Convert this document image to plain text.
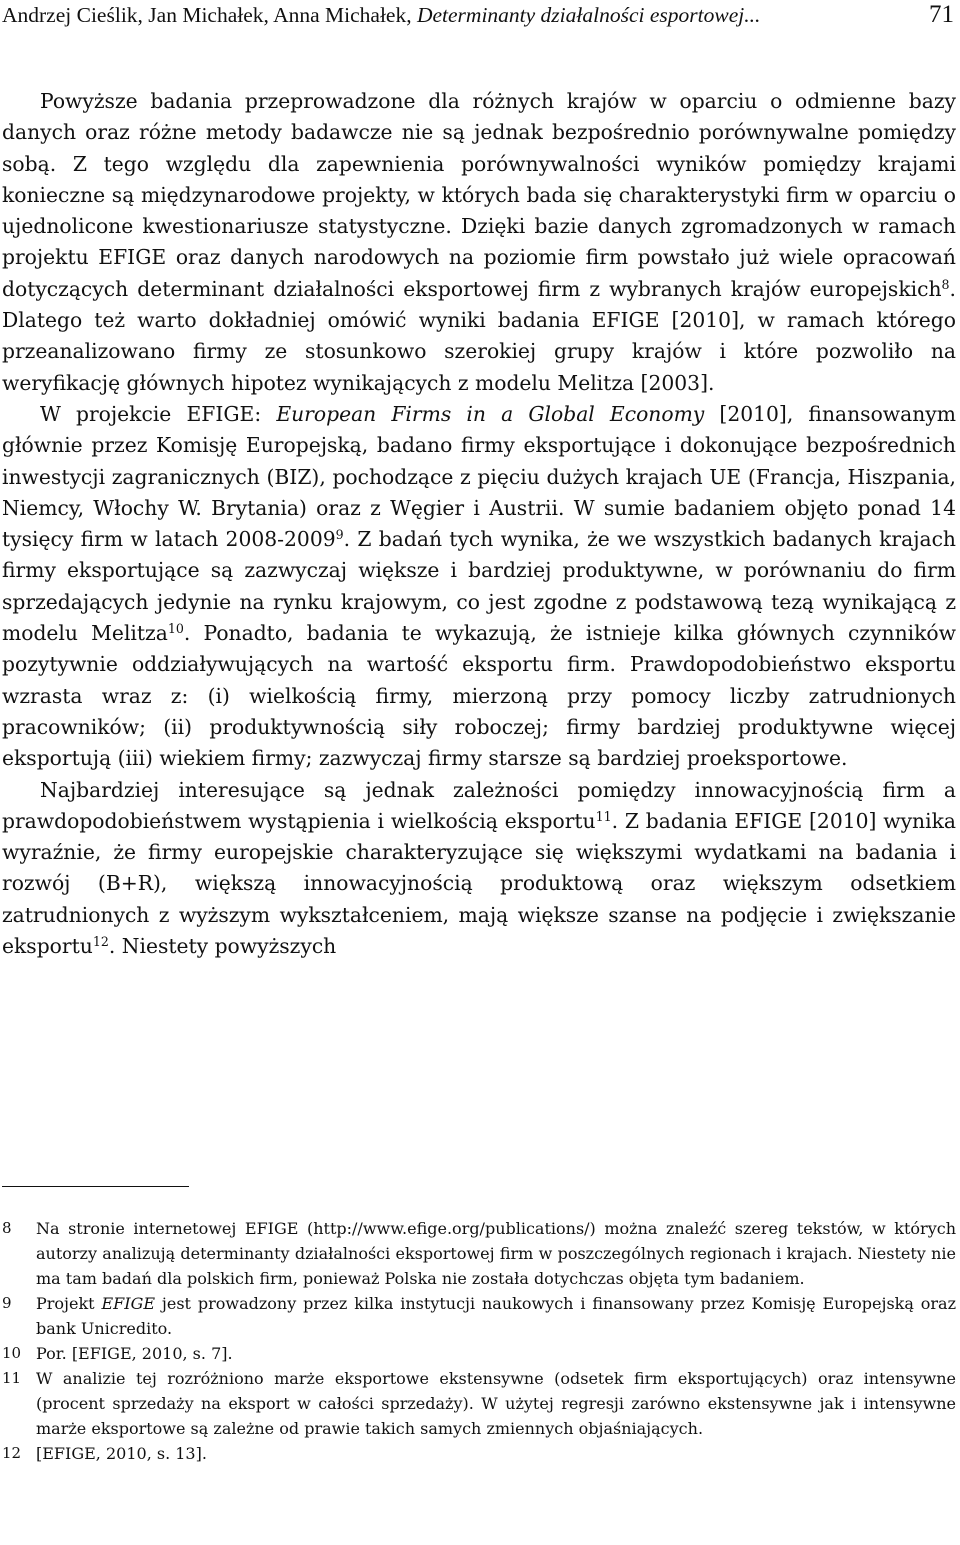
Andrzej Cieślik, Jan Michałek, Anna Michałek, Determinanty działalności esportowej...	71

Powyższe badania przeprowadzone dla różnych krajów w oparciu o odmienne bazy danych oraz różne metody badawcze nie są jednak bezpośrednio porównywalne pomiędzy sobą. Z tego względu dla zapewnienia porównywalności wyników pomiędzy krajami konieczne są międzynarodowe projekty, w których bada się charakterystyki firm w oparciu o ujednolicone kwestionariusze statystyczne. Dzięki bazie danych zgromadzonych w ramach projektu EFIGE oraz danych narodowych na poziomie firm powstało już wiele opracowań dotyczących determinant działalności eksportowej firm z wybranych krajów europejskich$^8$. Dlatego też warto dokładniej omówić wyniki badania EFIGE [2010], w ramach którego przeanalizowano firmy ze stosunkowo szerokiej grupy krajów i które pozwoliło na weryfikację głównych hipotez wynikających z modelu Melitza [2003].

W projekcie EFIGE: European Firms in a Global Economy [2010], finansowanym głównie przez Komisję Europejską, badano firmy eksportujące i dokonujące bezpośrednich inwestycji zagranicznych (BIZ), pochodzące z pięciu dużych krajach UE (Francja, Hiszpania, Niemcy, Włochy W. Brytania) oraz z Węgier i Austrii. W sumie badaniem objęto ponad 14 tysięcy firm w latach 2008-2009$^9$. Z badań tych wynika, że we wszystkich badanych krajach firmy eksportujące są zazwyczaj większe i bardziej produktywne, w porównaniu do firm sprzedających jedynie na rynku krajowym, co jest zgodne z podstawową tezą wynikającą z modelu Melitza$^{10}$. Ponadto, badania te wykazują, że istnieje kilka głównych czynników pozytywnie oddziaływujących na wartość eksportu firm. Prawdopodobieństwo eksportu wzrasta wraz z: (i) wielkością firmy, mierzoną przy pomocy liczby zatrudnionych pracowników; (ii) produktywnością siły roboczej; firmy bardziej produktywne więcej eksportują (iii) wiekiem firmy; zazwyczaj firmy starsze są bardziej proeksportowe.

Najbardziej interesujące są jednak zależności pomiędzy innowacyjnością firm a prawdopodobieństwem wystąpienia i wielkością eksportu$^{11}$. Z badania EFIGE [2010] wynika wyraźnie, że firmy europejskie charakteryzujące się większymi wydatkami na badania i rozwój (B+R), większą innowacyjnością produktową oraz większym odsetkiem zatrudnionych z wyższym wykształceniem, mają większe szanse na podjęcie i zwiększanie eksportu$^{12}$. Niestety powyższych

8	Na stronie internetowej EFIGE (http://www.efige.org/publications/) można znaleźć szereg tekstów, w których autorzy analizują determinanty działalności eksportowej firm w poszczególnych regionach i krajach. Niestety nie ma tam badań dla polskich firm, ponieważ Polska nie została dotychczas objęta tym badaniem.
9	Projekt EFIGE jest prowadzony przez kilka instytucji naukowych i finansowany przez Komisję Europejską oraz bank Unicredito.
10 Por. [EFIGE, 2010, s. 7].
11 W analizie tej rozróżniono marże eksportowe ekstensywne (odsetek firm eksportujących) oraz intensywne (procent sprzedaży na eksport w całości sprzedaży). W użytej regresji zarówno ekstensywne jak i intensywne marże eksportowe są zależne od prawie takich samych zmiennych objaśniających.
12 [EFIGE, 2010, s. 13].
